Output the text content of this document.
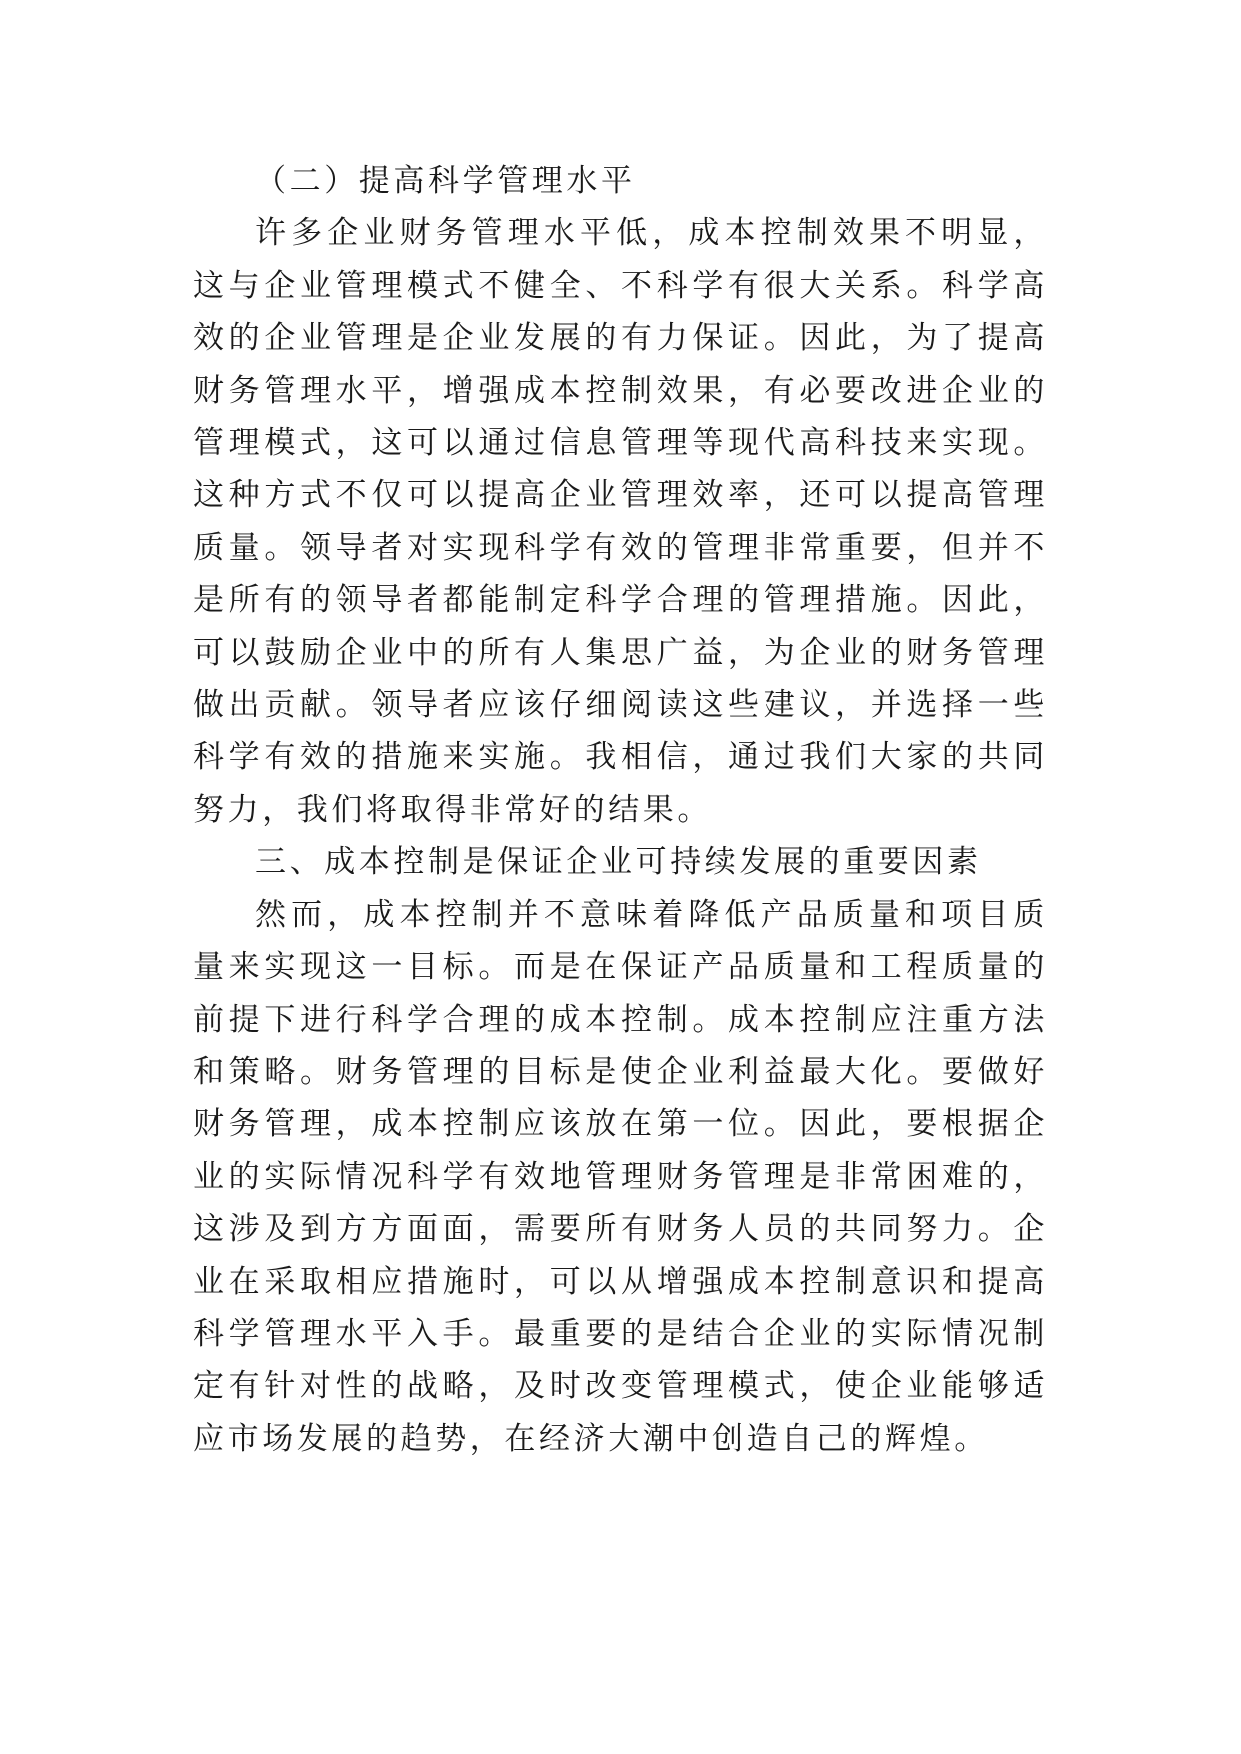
（二）提高科学管理水平

许多企业财务管理水平低，成本控制效果不明显，这与企业管理模式不健全、不科学有很大关系。科学高效的企业管理是企业发展的有力保证。因此，为了提高财务管理水平，增强成本控制效果，有必要改进企业的管理模式，这可以通过信息管理等现代高科技来实现。这种方式不仅可以提高企业管理效率，还可以提高管理质量。领导者对实现科学有效的管理非常重要，但并不是所有的领导者都能制定科学合理的管理措施。因此，可以鼓励企业中的所有人集思广益，为企业的财务管理做出贡献。领导者应该仔细阅读这些建议，并选择一些科学有效的措施来实施。我相信，通过我们大家的共同努力，我们将取得非常好的结果。

三、成本控制是保证企业可持续发展的重要因素

然而，成本控制并不意味着降低产品质量和项目质量来实现这一目标。而是在保证产品质量和工程质量的前提下进行科学合理的成本控制。成本控制应注重方法和策略。财务管理的目标是使企业利益最大化。要做好财务管理，成本控制应该放在第一位。因此，要根据企业的实际情况科学有效地管理财务管理是非常困难的，这涉及到方方面面，需要所有财务人员的共同努力。企业在采取相应措施时，可以从增强成本控制意识和提高科学管理水平入手。最重要的是结合企业的实际情况制定有针对性的战略，及时改变管理模式，使企业能够适应市场发展的趋势，在经济大潮中创造自己的辉煌。
